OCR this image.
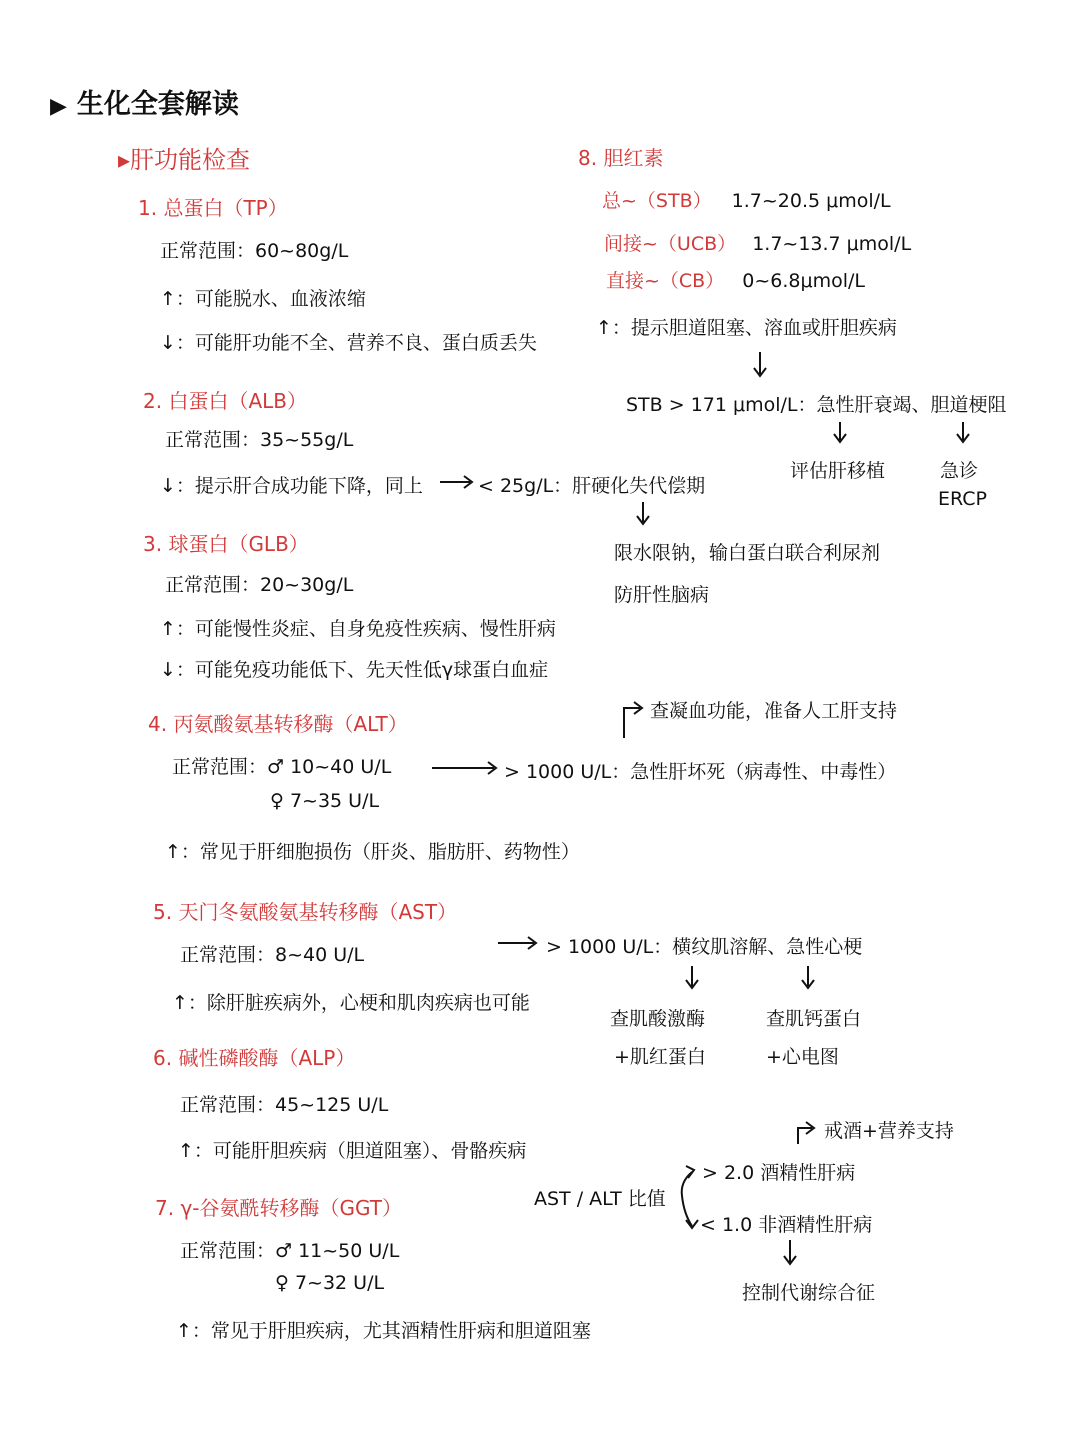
▶ 生化全套解读
▸肝功能检查
1. 总蛋白（TP）
正常范围：60~80g/L
↑：可能脱水、血液浓缩
↓：可能肝功能不全、营养不良、蛋白质丢失
2. 白蛋白（ALB）
正常范围：35~55g/L
↓：提示肝合成功能下降，同上	< 25g/L：肝硬化失代偿期
限水限钠，输白蛋白联合利尿剂
防肝性脑病
3. 球蛋白（GLB）
正常范围：20~30g/L
↑：可能慢性炎症、自身免疫性疾病、慢性肝病
↓：可能免疫功能低下、先天性低γ球蛋白血症
4. 丙氨酸氨基转移酶（ALT）
正常范围：♂ 10~40 U/L
♀ 7~35 U/L
↑：常见于肝细胞损伤（肝炎、脂肪肝、药物性）
> 1000 U/L：急性肝坏死（病毒性、中毒性）
查凝血功能，准备人工肝支持
5. 天门冬氨酸氨基转移酶（AST）
正常范围：8~40 U/L
↑：除肝脏疾病外，心梗和肌肉疾病也可能
> 1000 U/L：横纹肌溶解、急性心梗
查肌酸激酶
+肌红蛋白
查肌钙蛋白
+心电图
6. 碱性磷酸酶（ALP）
正常范围：45~125 U/L
↑：可能肝胆疾病（胆道阻塞）、骨骼疾病
7. γ-谷氨酰转移酶（GGT）
正常范围：♂ 11~50 U/L
♀ 7~32 U/L
↑：常见于肝胆疾病，尤其酒精性肝病和胆道阻塞
8. 胆红素
总~（STB） 1.7~20.5 μmol/L
间接~（UCB） 1.7~13.7 μmol/L
直接~（CB） 0~6.8μmol/L
↑：提示胆道阻塞、溶血或肝胆疾病
STB > 171 μmol/L：急性肝衰竭、胆道梗阻
评估肝移植	急诊
ERCP
AST / ALT 比值
> 2.0 酒精性肝病
戒酒+营养支持
< 1.0 非酒精性肝病
控制代谢综合征
